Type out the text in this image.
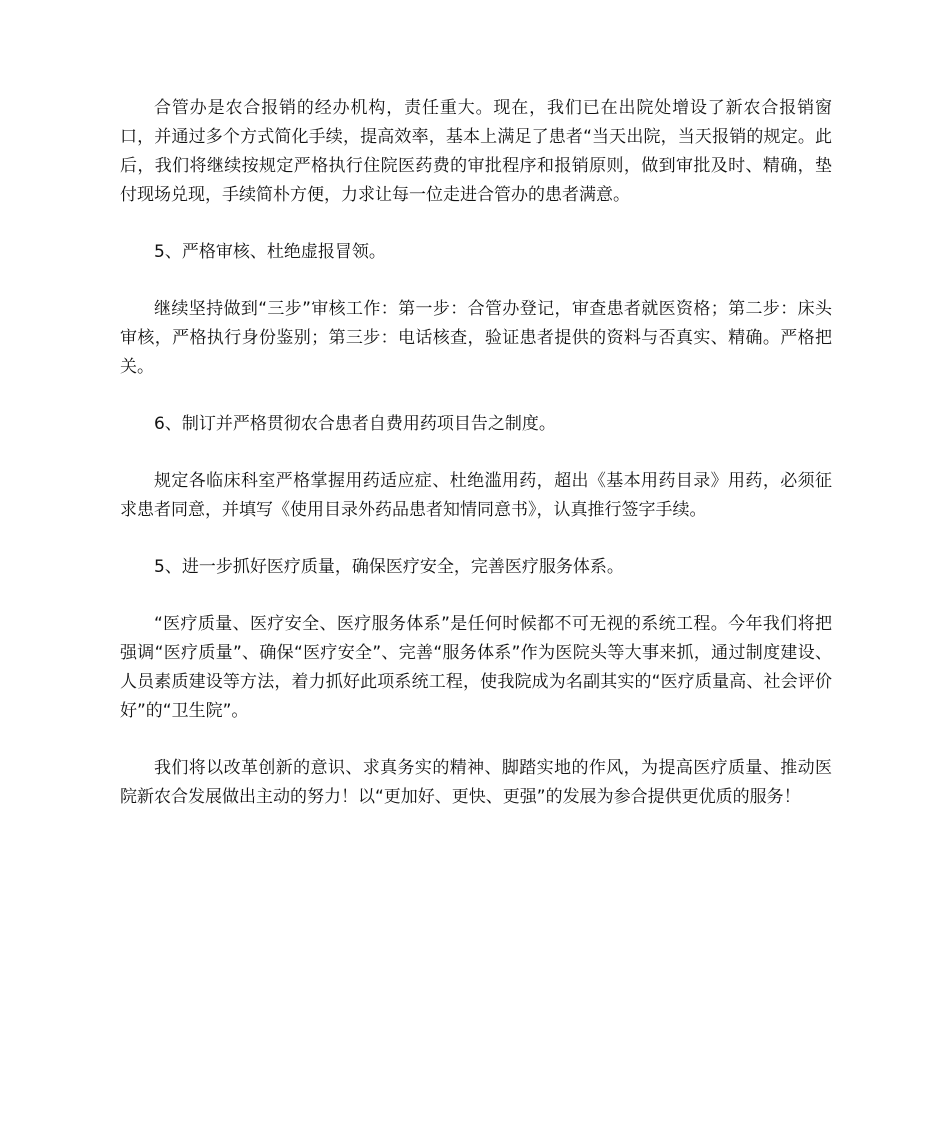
合管办是农合报销的经办机构，责任重大。现在，我们已在出院处增设了新农合报销窗口，并通过多个方式简化手续，提高效率，基本上满足了患者“当天出院，当天报销的规定。此后，我们将继续按规定严格执行住院医药费的审批程序和报销原则，做到审批及时、精确，垫付现场兑现，手续简朴方便，力求让每一位走进合管办的患者满意。

5、严格审核、杜绝虚报冒领。

继续坚持做到“三步”审核工作：第一步：合管办登记，审查患者就医资格；第二步：床头审核，严格执行身份鉴别；第三步：电话核查，验证患者提供的资料与否真实、精确。严格把关。

6、制订并严格贯彻农合患者自费用药项目告之制度。

规定各临床科室严格掌握用药适应症、杜绝滥用药，超出《基本用药目录》用药，必须征求患者同意，并填写《使用目录外药品患者知情同意书》，认真推行签字手续。

5、进一步抓好医疗质量，确保医疗安全，完善医疗服务体系。

“医疗质量、医疗安全、医疗服务体系”是任何时候都不可无视的系统工程。今年我们将把强调“医疗质量”、确保“医疗安全”、完善“服务体系”作为医院头等大事来抓，通过制度建设、人员素质建设等方法，着力抓好此项系统工程，使我院成为名副其实的“医疗质量高、社会评价好”的“卫生院”。

我们将以改革创新的意识、求真务实的精神、脚踏实地的作风，为提高医疗质量、推动医院新农合发展做出主动的努力！以“更加好、更快、更强”的发展为参合提供更优质的服务！
